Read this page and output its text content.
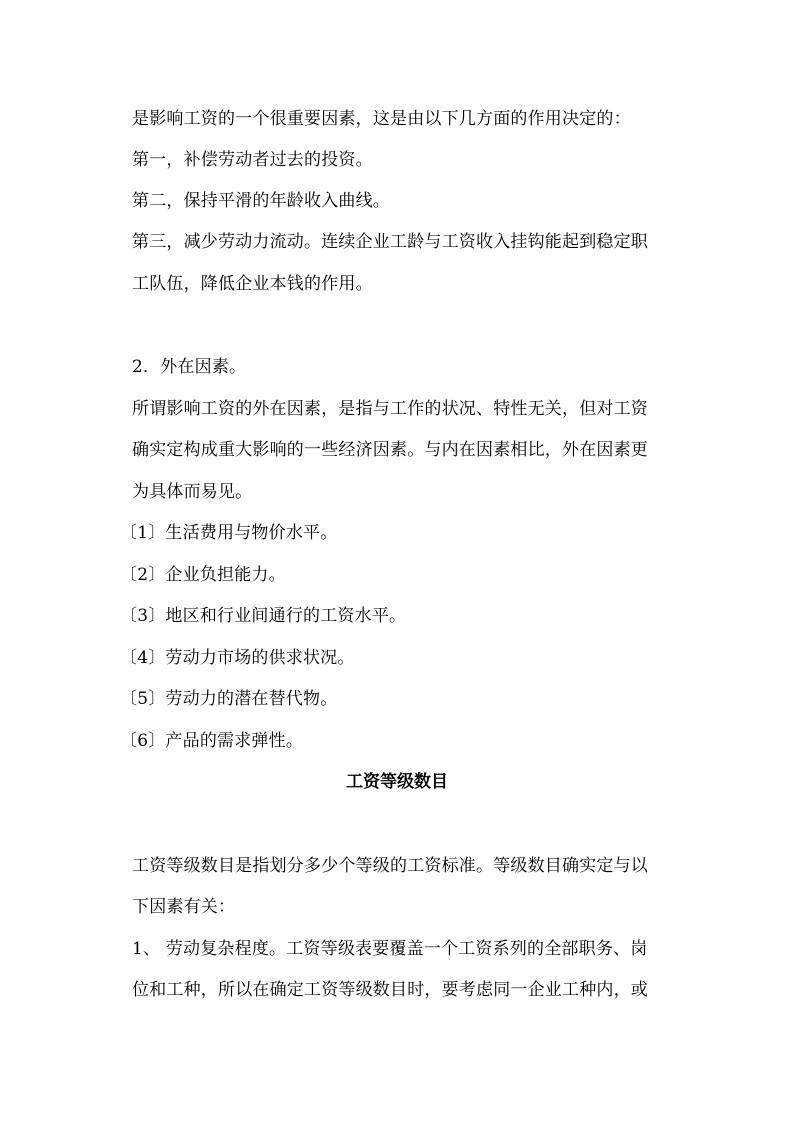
是影响工资的一个很重要因素，这是由以下几方面的作用决定的：
第一，补偿劳动者过去的投资。
第二，保持平滑的年龄收入曲线。
第三，减少劳动力流动。连续企业工龄与工资收入挂钩能起到稳定职
工队伍，降低企业本钱的作用。
2．外在因素。
所谓影响工资的外在因素，是指与工作的状况、特性无关，但对工资
确实定构成重大影响的一些经济因素。与内在因素相比，外在因素更
为具体而易见。
〔1〕生活费用与物价水平。
〔2〕企业负担能力。
〔3〕地区和行业间通行的工资水平。
〔4〕劳动力市场的供求状况。
〔5〕劳动力的潜在替代物。
〔6〕产品的需求弹性。
工资等级数目
工资等级数目是指划分多少个等级的工资标准。等级数目确实定与以
下因素有关：
1、 劳动复杂程度。工资等级表要覆盖一个工资系列的全部职务、岗
位和工种，所以在确定工资等级数目时，要考虑同一企业工种内，或
